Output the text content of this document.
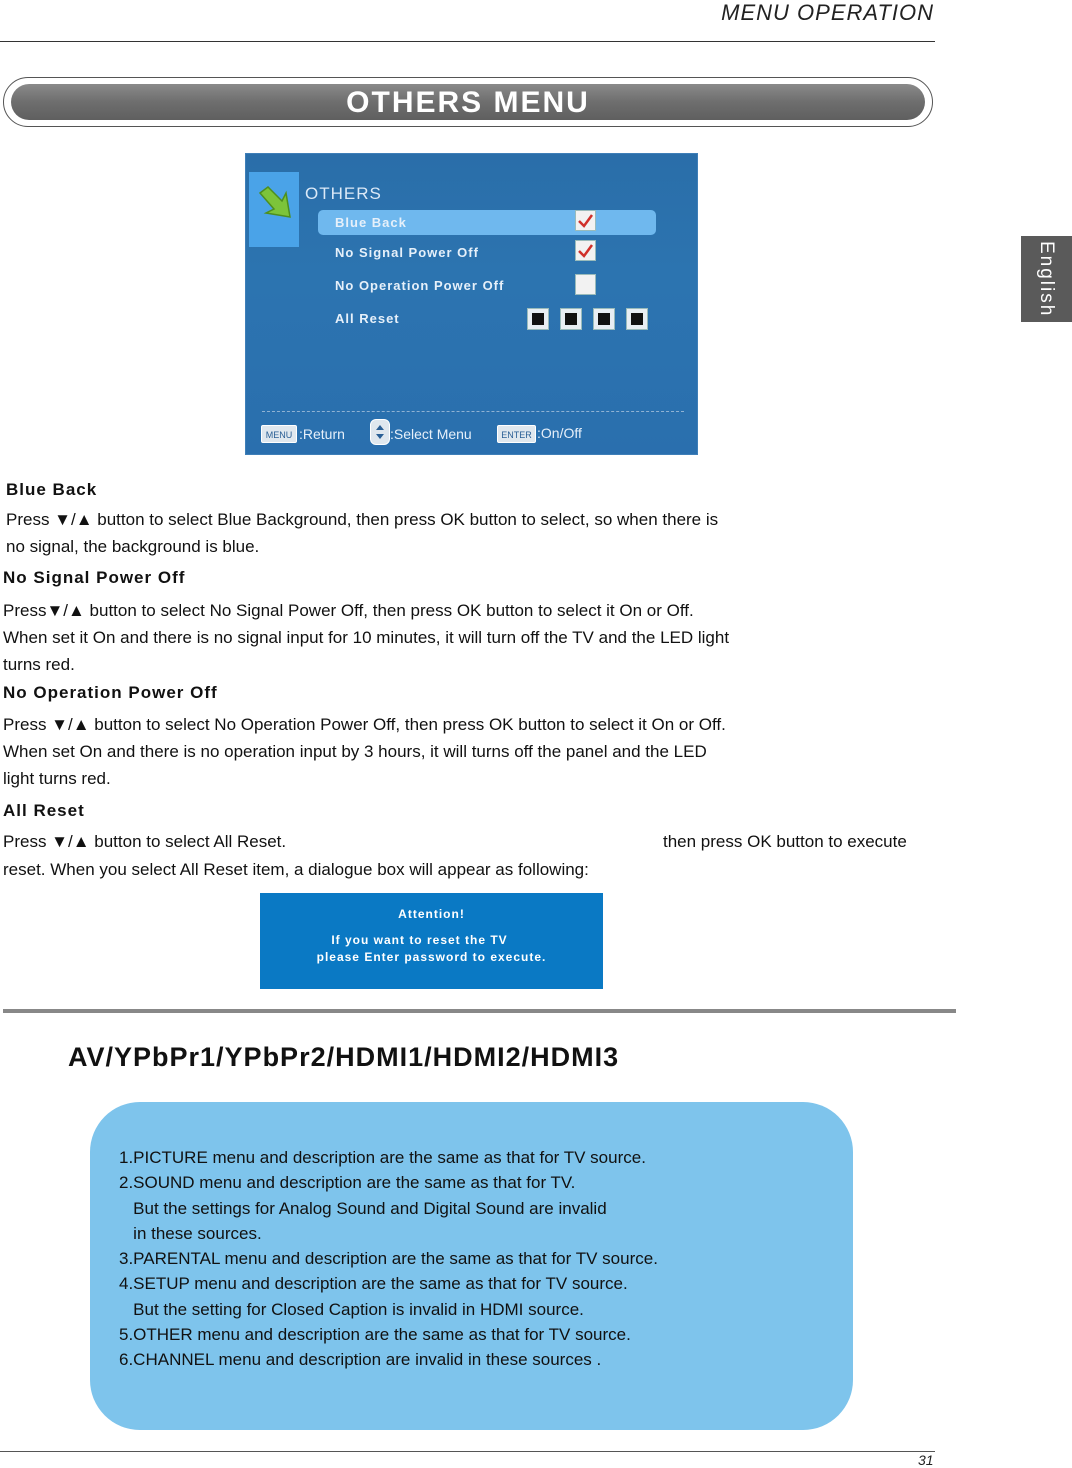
MENU OPERATION
OTHERS MENU
English
OTHERS
Blue Back
No Signal Power Off
No Operation Power Off
All Reset
MENU :Return	:Select Menu	ENTER :On/Off
Blue Back
Press ▼/▲ button to select Blue Background, then press OK button to select, so when there is
no signal, the background is blue.
No Signal Power Off
Press▼/▲ button to select No Signal Power Off, then press OK button to select it On or Off.
When set it On and there is no signal input for 10 minutes, it will turn off the TV and the LED light
turns red.
No Operation Power Off
Press ▼/▲ button to select No Operation Power Off, then press OK button to select it On or Off.
When set On and there is no operation input by 3 hours, it will turns off the panel and the LED
light turns red.
All Reset
Press ▼/▲ button to select All Reset.	then press OK button to execute
reset. When you select All Reset item, a dialogue box will appear as following:
Attention!
If you want to reset the TV
please Enter password to execute.
AV/YPbPr1/YPbPr2/HDMI1/HDMI2/HDMI3
1.PICTURE menu and description are the same as that for TV source.
2.SOUND menu and description are the same as that for TV.
But the settings for Analog Sound and Digital Sound are invalid
in these sources.
3.PARENTAL menu and description are the same as that for TV source.
4.SETUP menu and description are the same as that for TV source.
But the setting for Closed Caption is invalid in HDMI source.
5.OTHER menu and description are the same as that for TV source.
6.CHANNEL menu and description are invalid in these sources .
31
